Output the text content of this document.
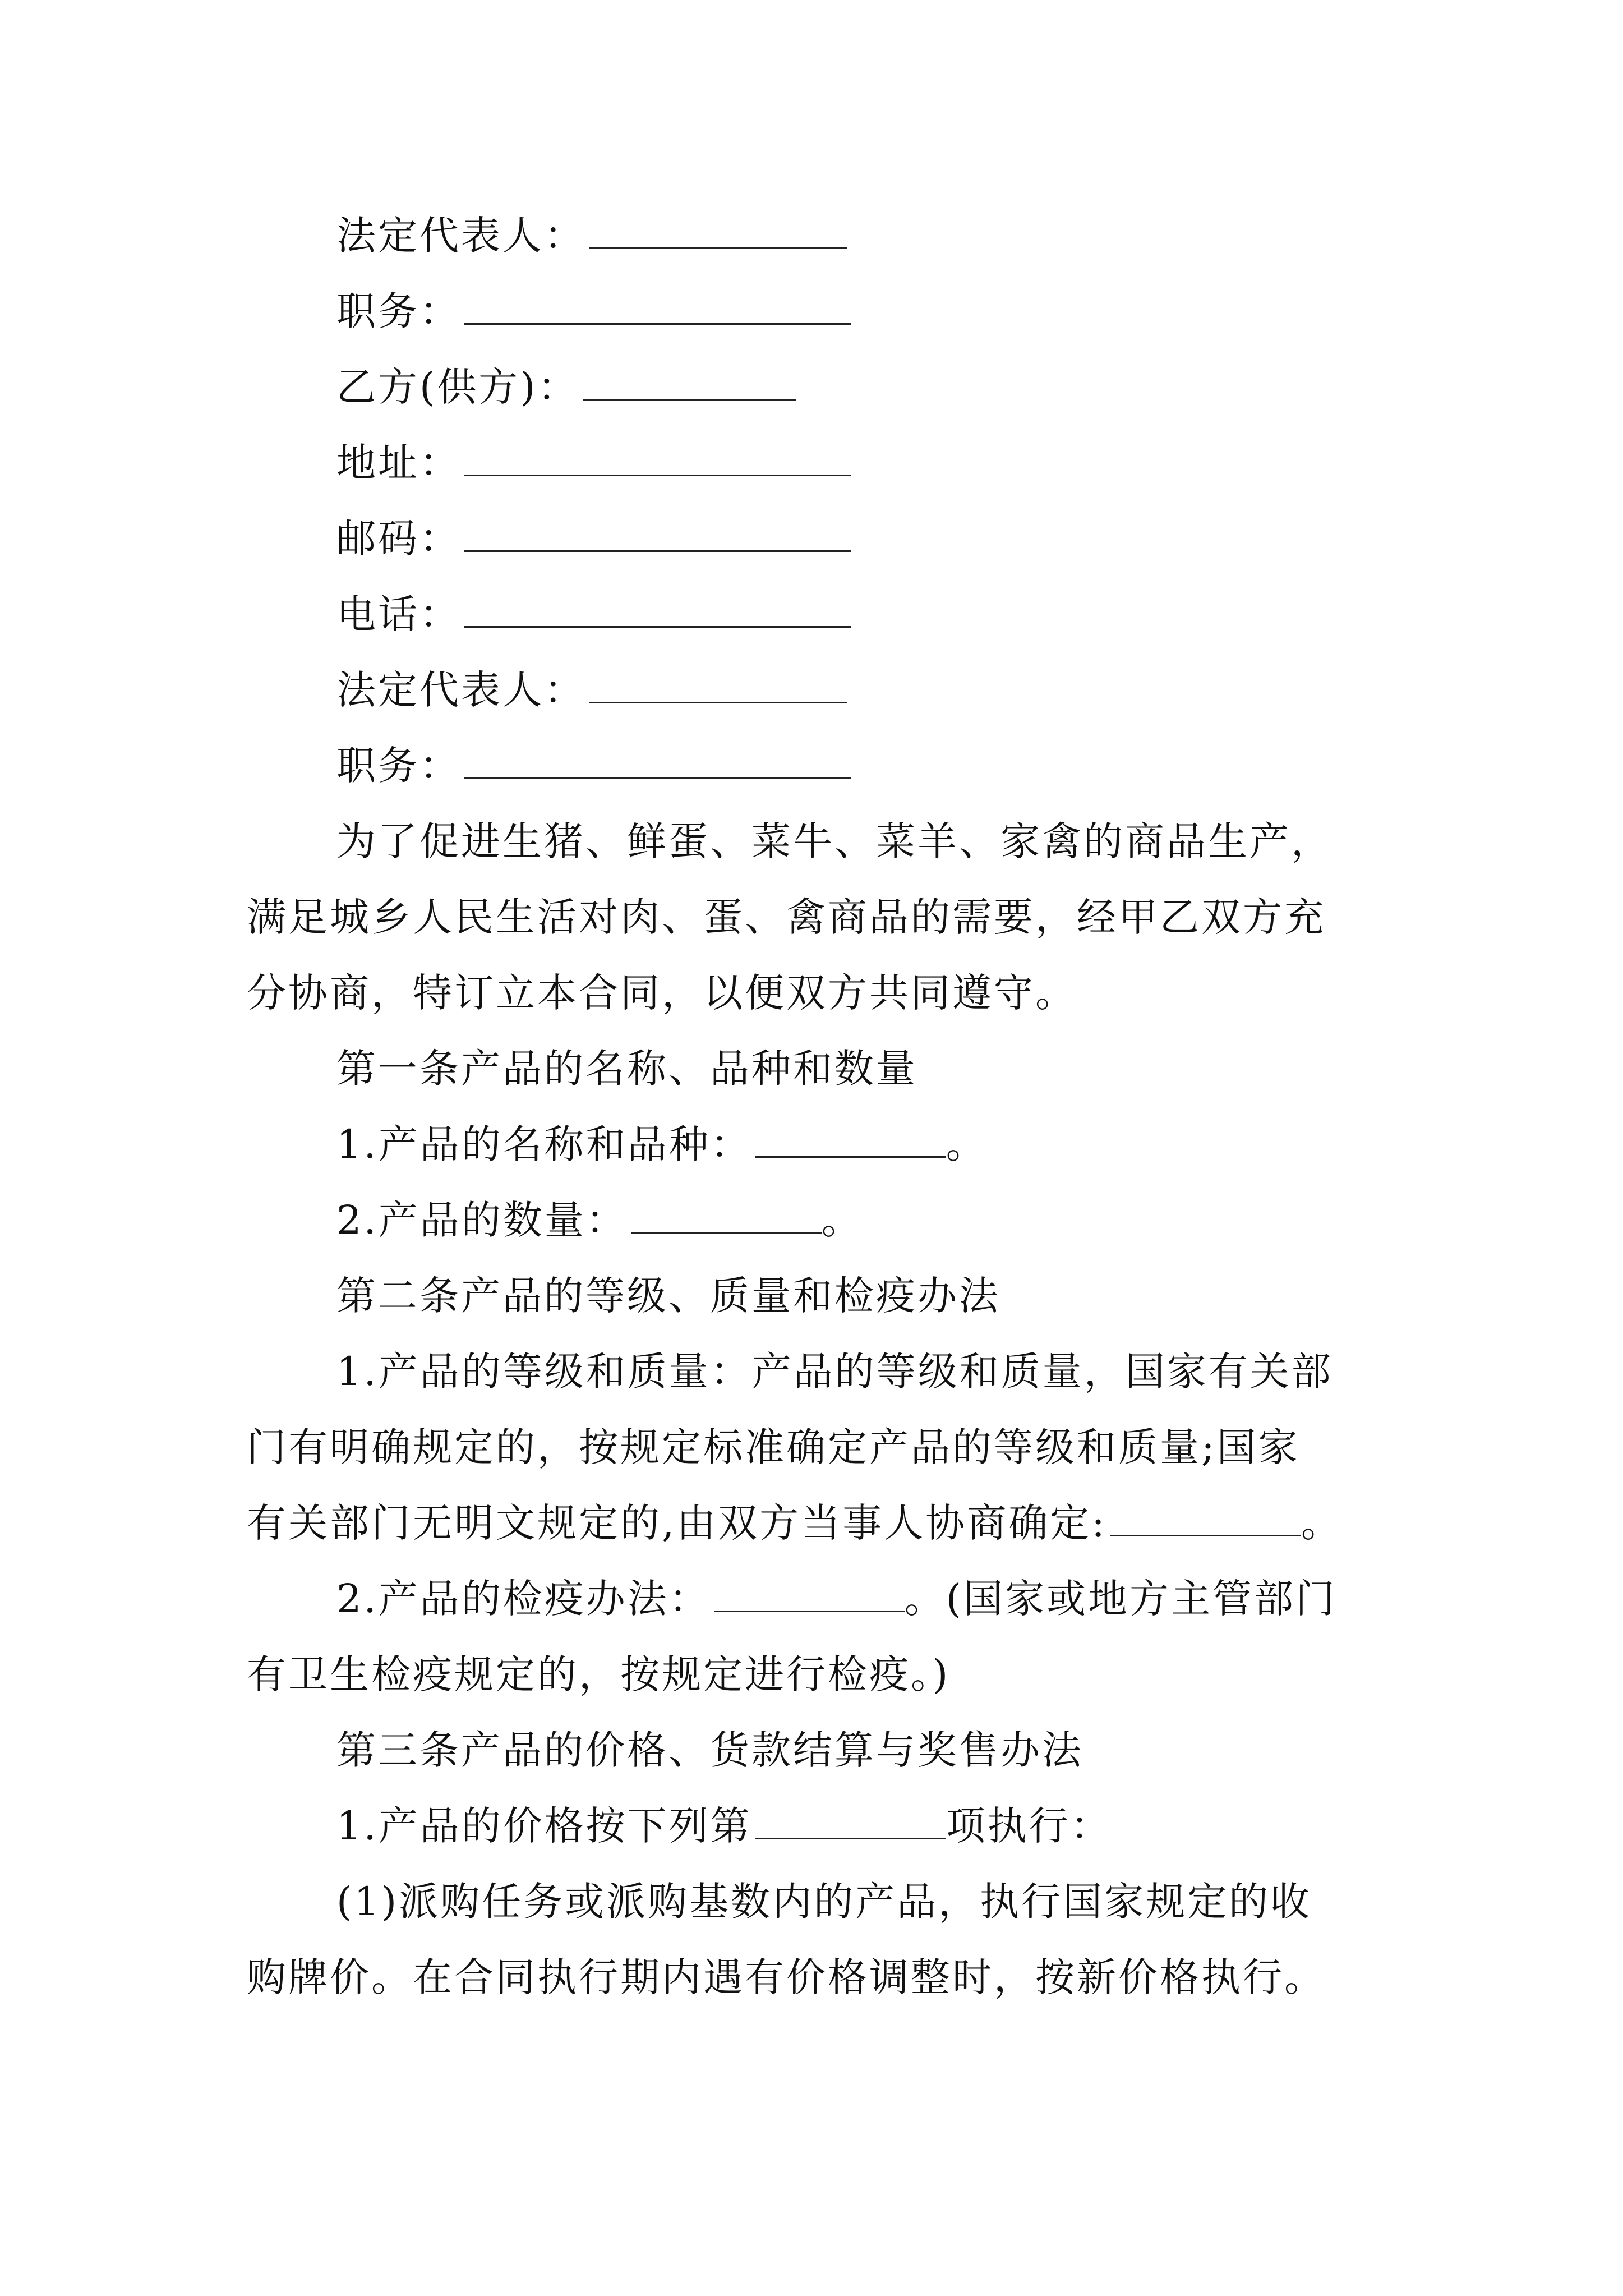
法定代表人：
职务：
乙方(供方)：
地址：
邮码：
电话：
法定代表人：
职务：
为了促进生猪、鲜蛋、菜牛、菜羊、家禽的商品生产，
满足城乡人民生活对肉、蛋、禽商品的需要，经甲乙双方充
分协商，特订立本合同，以便双方共同遵守。
第一条产品的名称、品种和数量
1.产品的名称和品种：	。
2.产品的数量：	。
第二条产品的等级、质量和检疫办法
1.产品的等级和质量：产品的等级和质量，国家有关部
门有明确规定的，按规定标准确定产品的等级和质量;国家
有关部门无明文规定的,由双方当事人协商确定:	。
2.产品的检疫办法：	。(国家或地方主管部门
有卫生检疫规定的，按规定进行检疫。)
第三条产品的价格、货款结算与奖售办法
1.产品的价格按下列第	项执行：
(1)派购任务或派购基数内的产品，执行国家规定的收
购牌价。在合同执行期内遇有价格调整时，按新价格执行。
